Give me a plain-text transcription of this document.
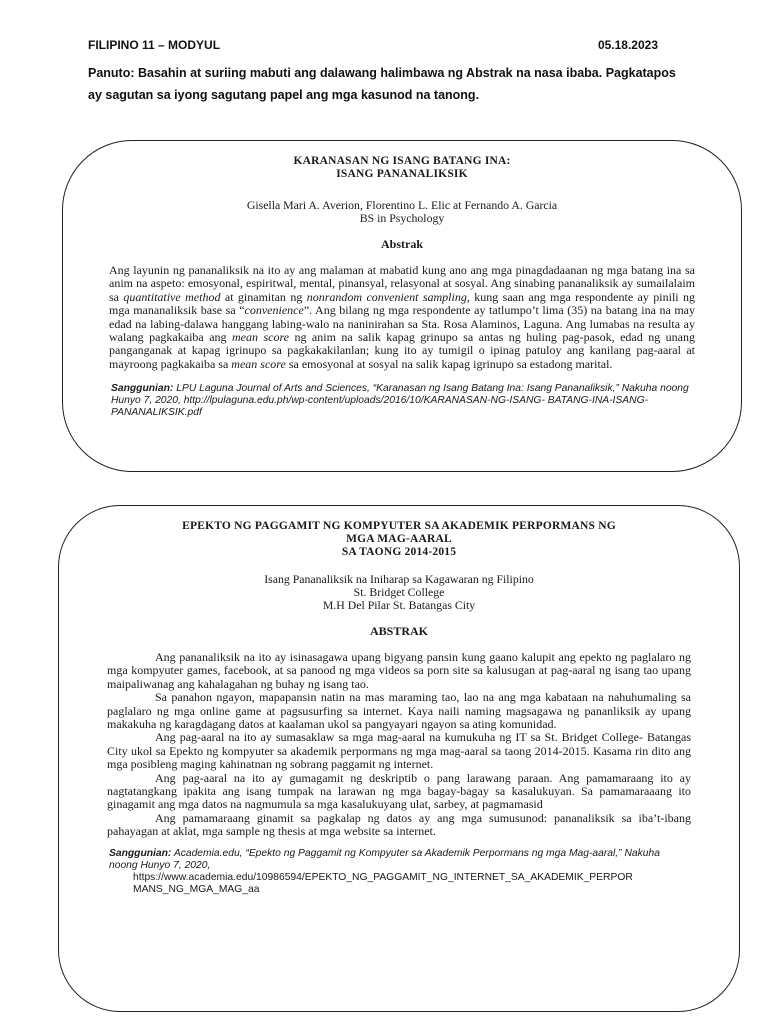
FILIPINO 11 – MODYUL	05.18.2023
Panuto: Basahin at suriing mabuti ang dalawang halimbawa ng Abstrak na nasa ibaba. Pagkatapos ay sagutan sa iyong sagutang papel ang mga kasunod na tanong.
KARANASAN NG ISANG BATANG INA:
ISANG PANANALIKSIK
Gisella Mari A. Averion, Florentino L. Elic at Fernando A. Garcia
BS in Psychology
Abstrak

Ang layunin ng pananaliksik na ito ay ang malaman at mabatid kung ano ang mga pinagdadaanan ng mga batang ina sa anim na aspeto: emosyonal, espiritwal, mental, pinansyal, relasyonal at sosyal. Ang sinabing pananaliksik ay sumailalaim sa quantitative method at ginamitan ng nonrandom convenient sampling, kung saan ang mga respondente ay pinili ng mga mananaliksik base sa “convenience”. Ang bilang ng mga respondente ay tatlumpo’t lima (35) na batang ina na may edad na labing-dalawa hanggang labing-walo na naninirahan sa Sta. Rosa Alaminos, Laguna. Ang lumabas na resulta ay walang pagkakaiba ang mean score ng anim na salik kapag grinupo sa antas ng huling pag-pasok, edad ng unang panganganak at kapag igrinupo sa pagkakakilanlan; kung ito ay tumigil o ipinag patuloy ang kanilang pag-aaral at mayroong pagkakaiba sa mean score sa emosyonal at sosyal na salik kapag igrinupo sa estadong marital.

Sanggunian: LPU Laguna Journal of Arts and Sciences, “Karanasan ng Isang Batang Ina: Isang Pananaliksik,” Nakuha noong Hunyo 7, 2020, http://lpulaguna.edu.ph/wp-content/uploads/2016/10/KARANASAN-NG-ISANG- BATANG-INA-ISANG-PANANALIKSIK.pdf

EPEKTO NG PAGGAMIT NG KOMPYUTER SA AKADEMIK PERPORMANS NG
MGA MAG-AARAL
SA TAONG 2014-2015
Isang Pananaliksik na Iniharap sa Kagawaran ng Filipino
St. Bridget College
M.H Del Pilar St. Batangas City
ABSTRAK

Ang pananaliksik na ito ay isinasagawa upang bigyang pansin kung gaano kalupit ang epekto ng paglalaro ng mga kompyuter games, facebook, at sa panood ng mga videos sa porn site sa kalusugan at pag-aaral ng isang tao upang maipaliwanag ang kahalagahan ng buhay ng isang tao.

Sa panahon ngayon, mapapansin natin na mas maraming tao, lao na ang mga kabataan na nahuhumaling sa paglalaro ng mga online game at pagsusurfing sa internet. Kaya naili naming magsagawa ng pananliksik ay upang makakuha ng karagdagang datos at kaalaman ukol sa pangyayari ngayon sa ating komunidad.

Ang pag-aaral na ito ay sumasaklaw sa mga mag-aaral na kumukuha ng IT sa St. Bridget College- Batangas City ukol sa Epekto ng kompyuter sa akademik perpormans ng mga mag-aaral sa taong 2014-2015. Kasama rin dito ang mga posibleng maging kahinatnan ng sobrang paggamit ng internet.

Ang pag-aaral na ito ay gumagamit ng deskriptib o pang larawang paraan. Ang pamamaraang ito ay nagtatangkang ipakita ang isang tumpak na larawan ng mga bagay-bagay sa kasalukuyan. Sa pamamaraaang ito ginagamit ang mga datos na nagmumula sa mga kasalukuyang ulat, sarbey, at pagmamasid

Ang pamamaraang ginamit sa pagkalap ng datos ay ang mga sumusunod: pananaliksik sa iba’t-ibang pahayagan at aklat, mga sample ng thesis at mga website sa internet.

Sanggunian: Academia.edu, “Epekto ng Paggamit ng Kompyuter sa Akademik Perpormans ng mga Mag-aaral,” Nakuha noong Hunyo 7, 2020,
https://www.academia.edu/10986594/EPEKTO_NG_PAGGAMIT_NG_INTERNET_SA_AKADEMIK_PERPOR
MANS_NG_MGA_MAG_aa
